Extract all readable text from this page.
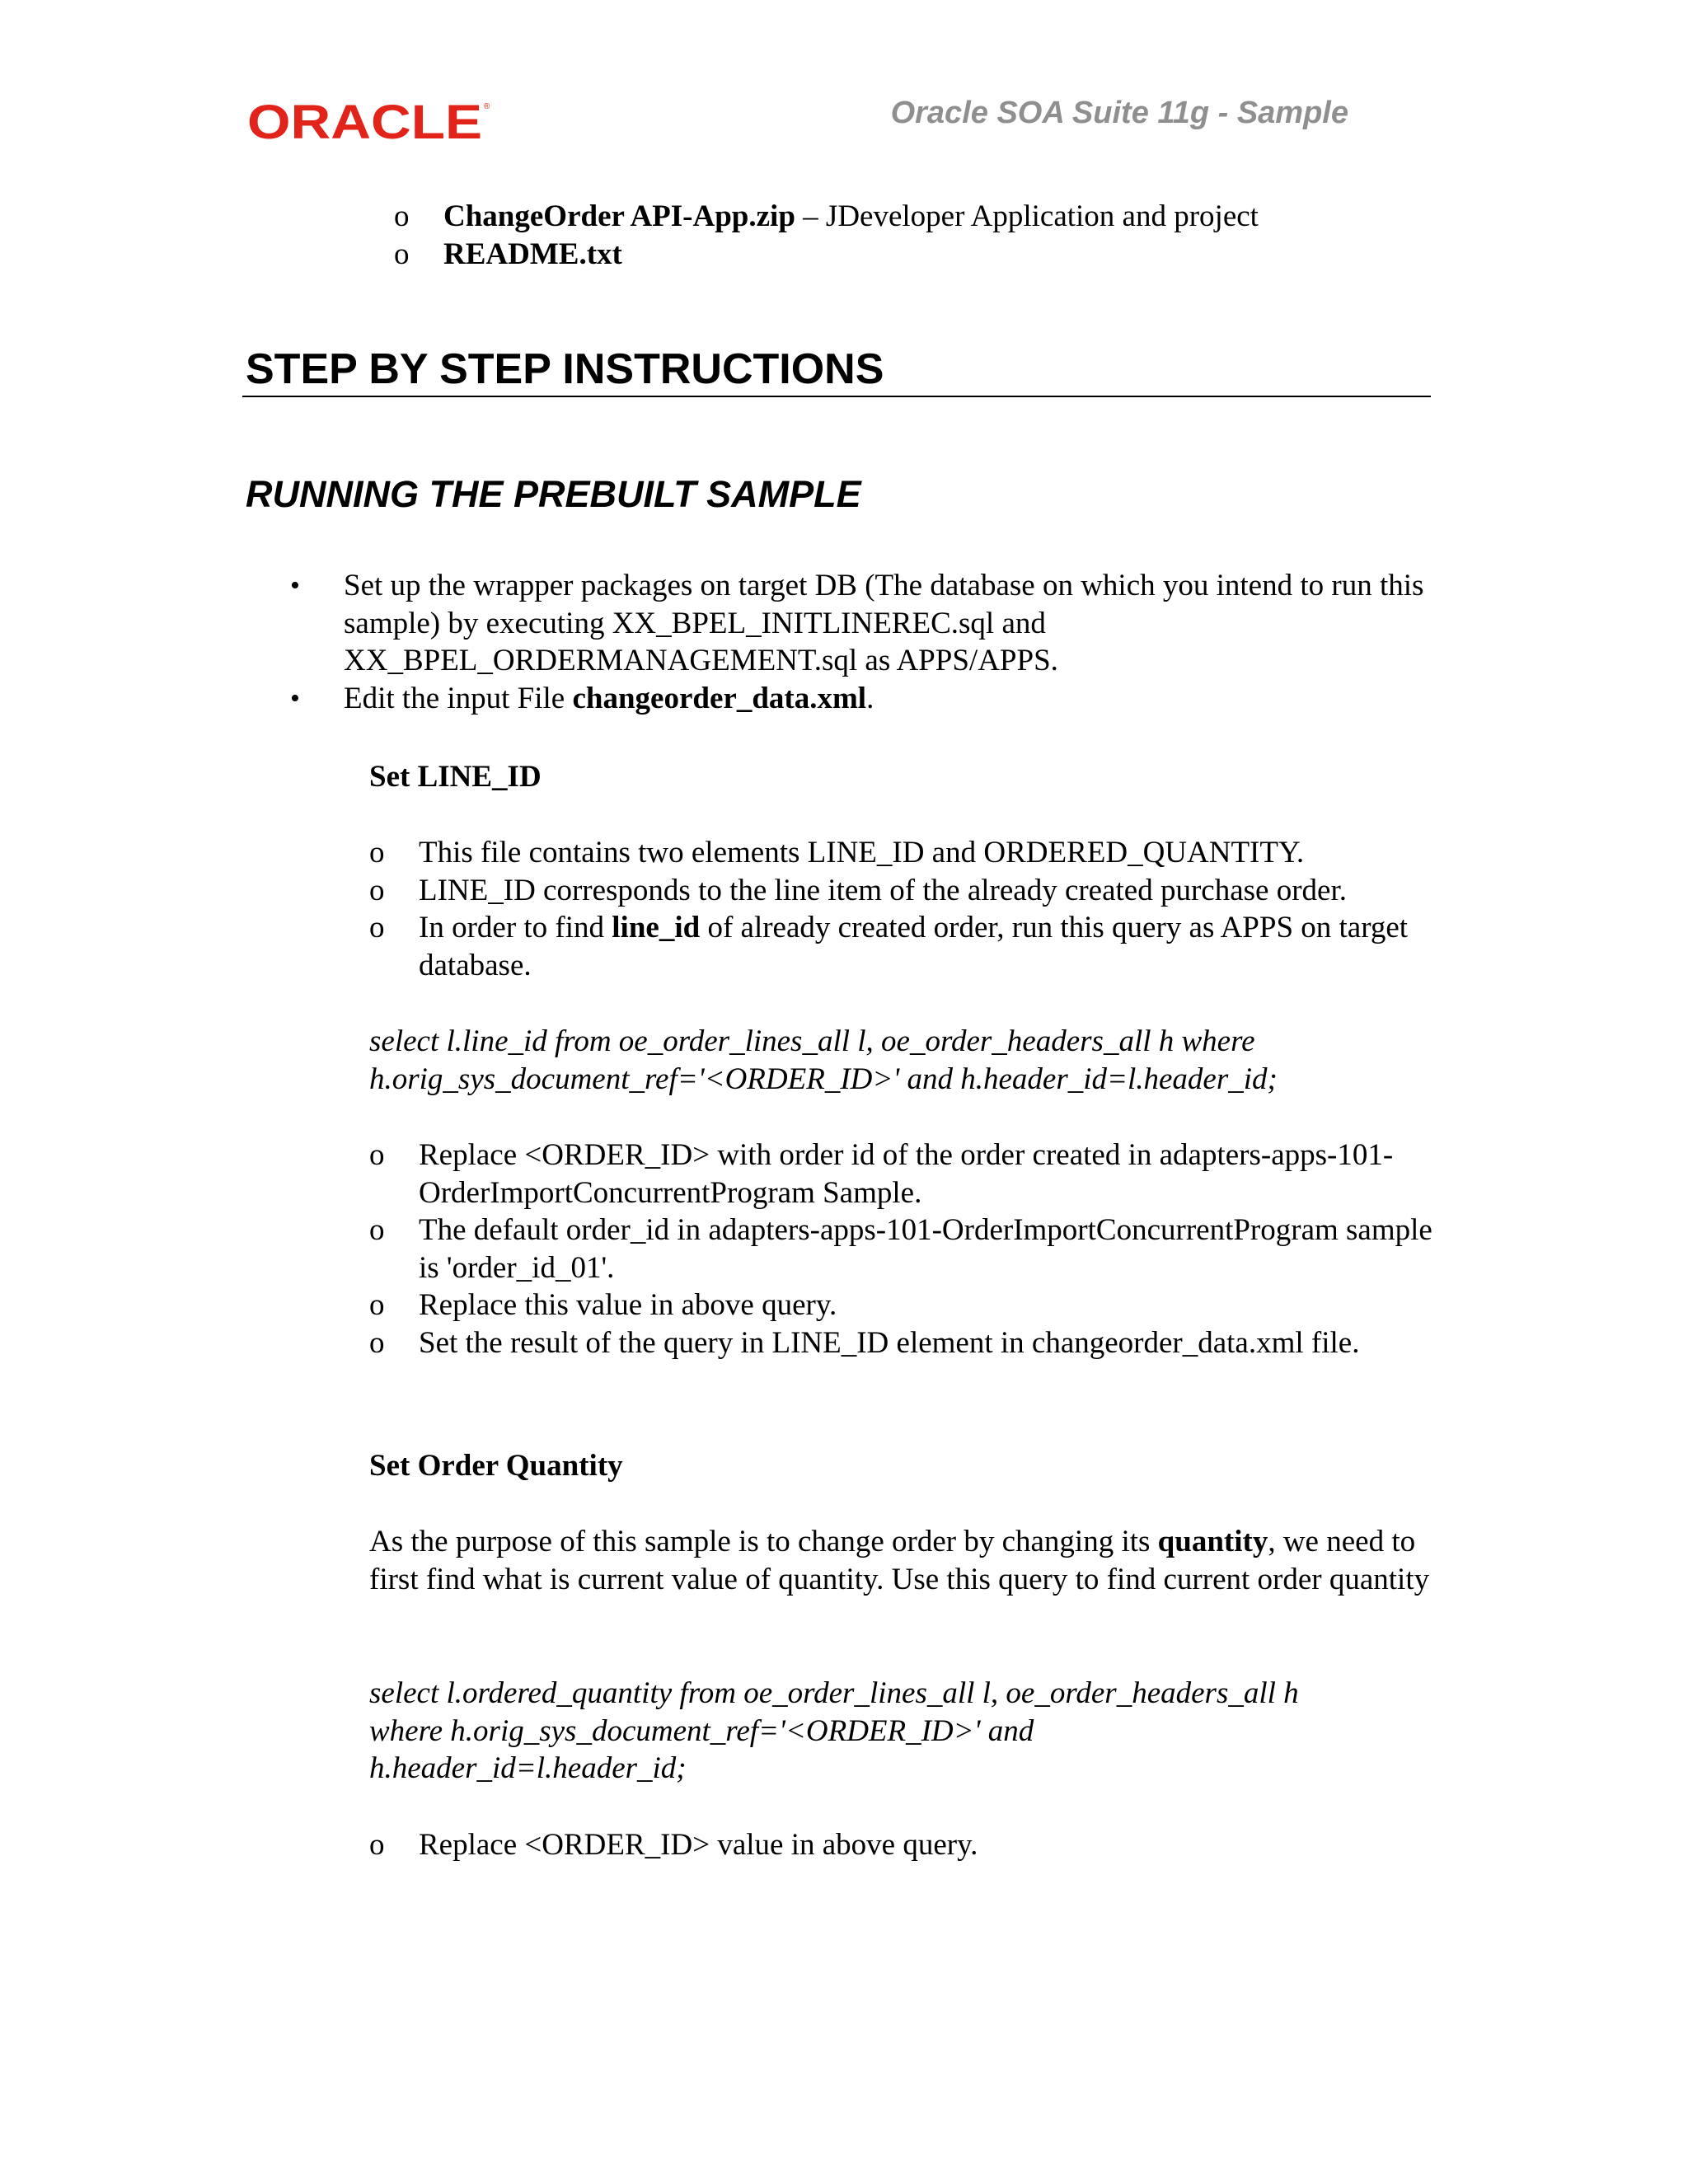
ORACLE ®	Oracle SOA Suite 11g - Sample
o ChangeOrder API-App.zip – JDeveloper Application and project
o README.txt
STEP BY STEP INSTRUCTIONS
RUNNING THE PREBUILT SAMPLE
• Set up the wrapper packages on target DB (The database on which you intend to run this sample) by executing XX_BPEL_INITLINEREC.sql and XX_BPEL_ORDERMANAGEMENT.sql as APPS/APPS.
• Edit the input File changeorder_data.xml.
Set LINE_ID
o This file contains two elements LINE_ID and ORDERED_QUANTITY.
o LINE_ID corresponds to the line item of the already created purchase order.
o In order to find line_id of already created order, run this query as APPS on target database.
select l.line_id from oe_order_lines_all l, oe_order_headers_all h where h.orig_sys_document_ref='<ORDER_ID>' and h.header_id=l.header_id;
o Replace <ORDER_ID> with order id of the order created in adapters-apps-101-OrderImportConcurrentProgram Sample.
o The default order_id in adapters-apps-101-OrderImportConcurrentProgram sample is 'order_id_01'.
o Replace this value in above query.
o Set the result of the query in LINE_ID element in changeorder_data.xml file.
Set Order Quantity
As the purpose of this sample is to change order by changing its quantity, we need to first find what is current value of quantity. Use this query to find current order quantity
select l.ordered_quantity from oe_order_lines_all l, oe_order_headers_all h
where h.orig_sys_document_ref='<ORDER_ID>' and
h.header_id=l.header_id;
o Replace <ORDER_ID> value in above query.
